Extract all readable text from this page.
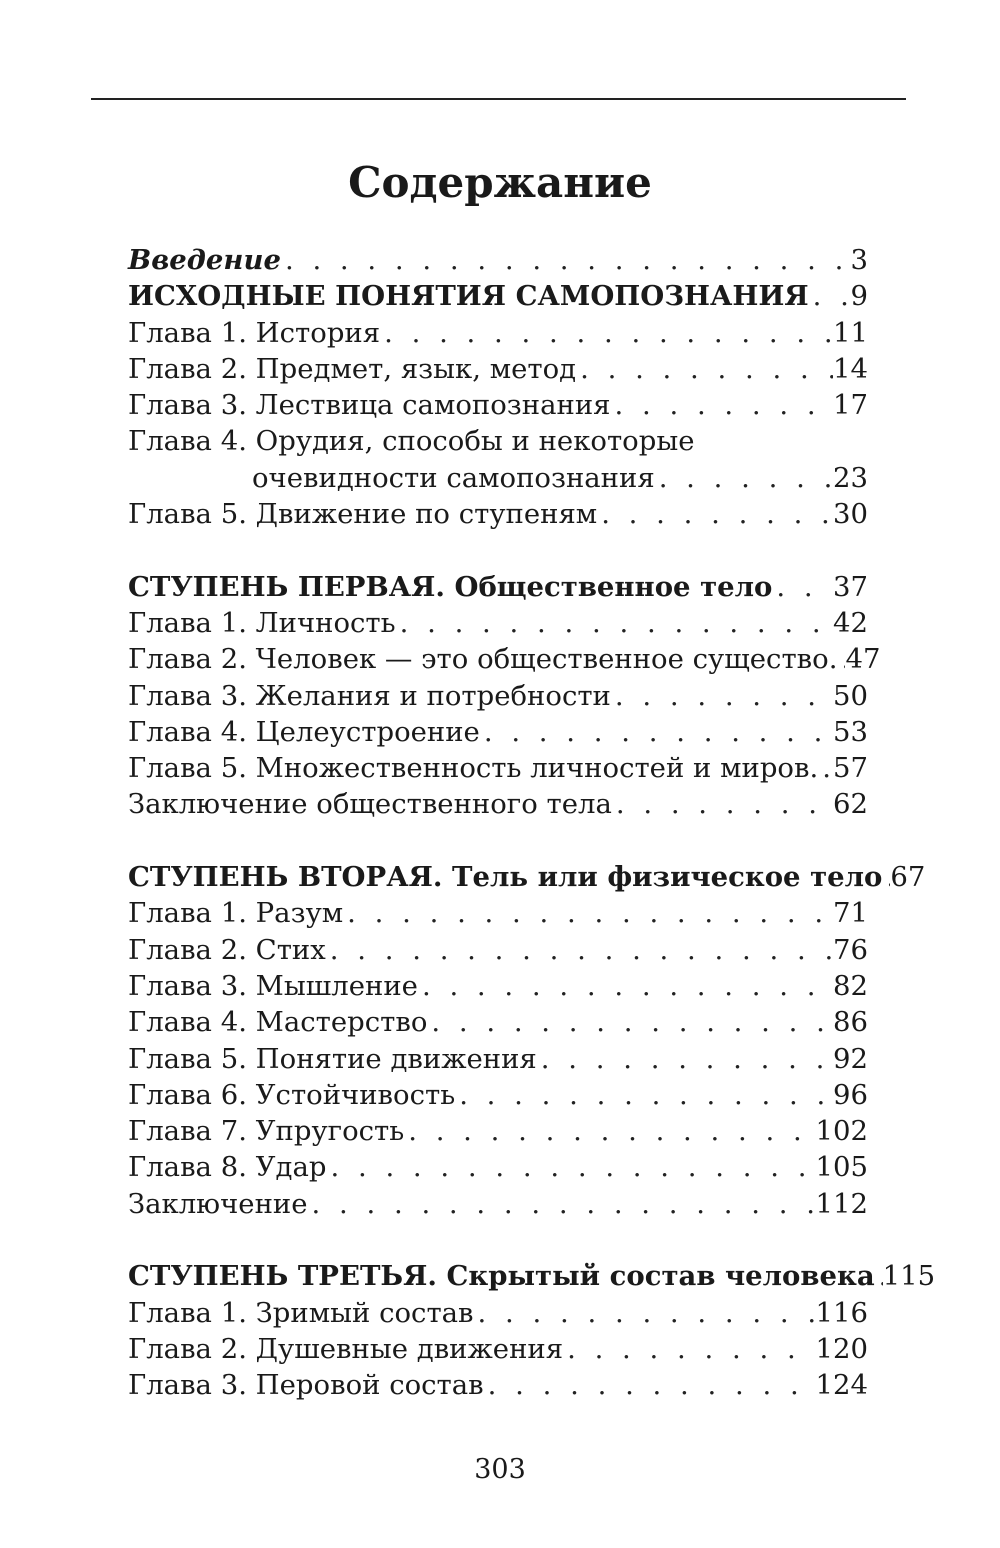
Содержание
Введение . . .	3
ИСХОДНЫЕ ПОНЯТИЯ САМОПОЗНАНИЯ . . . 9
Глава 1. История . . .	11
Глава 2. Предмет, язык, метод . . .	14
Глава 3. Лествица самопознания . . .	17
Глава 4. Орудия, способы и некоторые
очевидности самопознания . . .	23
Глава 5. Движение по ступеням . . .	30
СТУПЕНЬ ПЕРВАЯ. Общественное тело . . . 37
Глава 1. Личность . . .	42
Глава 2. Человек — это общественное существо. . . . 47
Глава 3. Желания и потребности . . .	50
Глава 4. Целеустроение . . .	53
Глава 5. Множественность личностей и миров. . . . 57
Заключение общественного тела . . .	62
СТУПЕНЬ ВТОРАЯ. Тель или физическое тело . . . 67
Глава 1. Разум . . .	71
Глава 2. Стих . . .	76
Глава 3. Мышление . . .	82
Глава 4. Мастерство . . .	86
Глава 5. Понятие движения . . .	92
Глава 6. Устойчивость . . .	96
Глава 7. Упругость . . .	102
Глава 8. Удар . . .	105
Заключение . . .	112
СТУПЕНЬ ТРЕТЬЯ. Скрытый состав человека . . . 115
Глава 1. Зримый состав . . .	116
Глава 2. Душевные движения . . .	120
Глава 3. Перовой состав . . .	124
303
